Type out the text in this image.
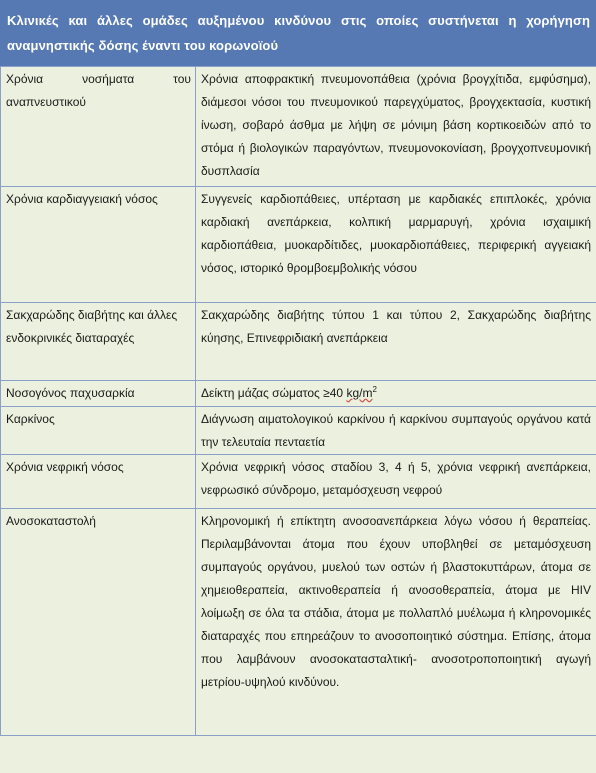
Κλινικές και άλλες ομάδες αυξημένου κινδύνου στις οποίες συστήνεται η χορήγηση αναμνηστικής δόσης έναντι του κορωνοϊού
Χρόνια νοσήματα του αναπνευστικού	Χρόνια αποφρακτική πνευμονοπάθεια (χρόνια βρογχίτιδα, εμφύσημα), διάμεσοι νόσοι του πνευμονικού παρεγχύματος, βρογχεκτασία, κυστική ίνωση, σοβαρό άσθμα με λήψη σε μόνιμη βάση κορτικοειδών από το στόμα ή βιολογικών παραγόντων, πνευμονοκονίαση, βρογχοπνευμονική δυσπλασία
Χρόνια καρδιαγγειακή νόσος	Συγγενείς καρδιοπάθειες, υπέρταση με καρδιακές επιπλοκές, χρόνια καρδιακή ανεπάρκεια, κολπική μαρμαρυγή, χρόνια ισχαιμική καρδιοπάθεια, μυοκαρδίτιδες, μυοκαρδιοπάθειες, περιφερική αγγειακή νόσος, ιστορικό θρομβοεμβολικής νόσου
Σακχαρώδης διαβήτης και άλλες ενδοκρινικές διαταραχές	Σακχαρώδης διαβήτης τύπου 1 και τύπου 2, Σακχαρώδης διαβήτης κύησης, Επινεφριδιακή ανεπάρκεια
Νοσογόνος παχυσαρκία	Δείκτη μάζας σώματος ≥40 $kg/m^2$
Καρκίνος	Διάγνωση αιματολογικού καρκίνου ή καρκίνου συμπαγούς οργάνου κατά την τελευταία πενταετία
Χρόνια νεφρική νόσος	Χρόνια νεφρική νόσος σταδίου 3, 4 ή 5, χρόνια νεφρική ανεπάρκεια, νεφρωσικό σύνδρομο, μεταμόσχευση νεφρού
Ανοσοκαταστολή	Κληρονομική ή επίκτητη ανοσοανεπάρκεια λόγω νόσου ή θεραπείας. Περιλαμβάνονται άτομα που έχουν υποβληθεί σε μεταμόσχευση συμπαγούς οργάνου, μυελού των οστών ή βλαστοκυττάρων, άτομα σε χημειοθεραπεία, ακτινοθεραπεία ή ανοσοθεραπεία, άτομα με HIV λοίμωξη σε όλα τα στάδια, άτομα με πολλαπλό μυέλωμα ή κληρονομικές διαταραχές που επηρεάζουν το ανοσοποιητικό σύστημα. Επίσης, άτομα που λαμβάνουν ανοσοκατασταλτική- ανοσοτροποποιητική αγωγή μετρίου-υψηλού κινδύνου.
